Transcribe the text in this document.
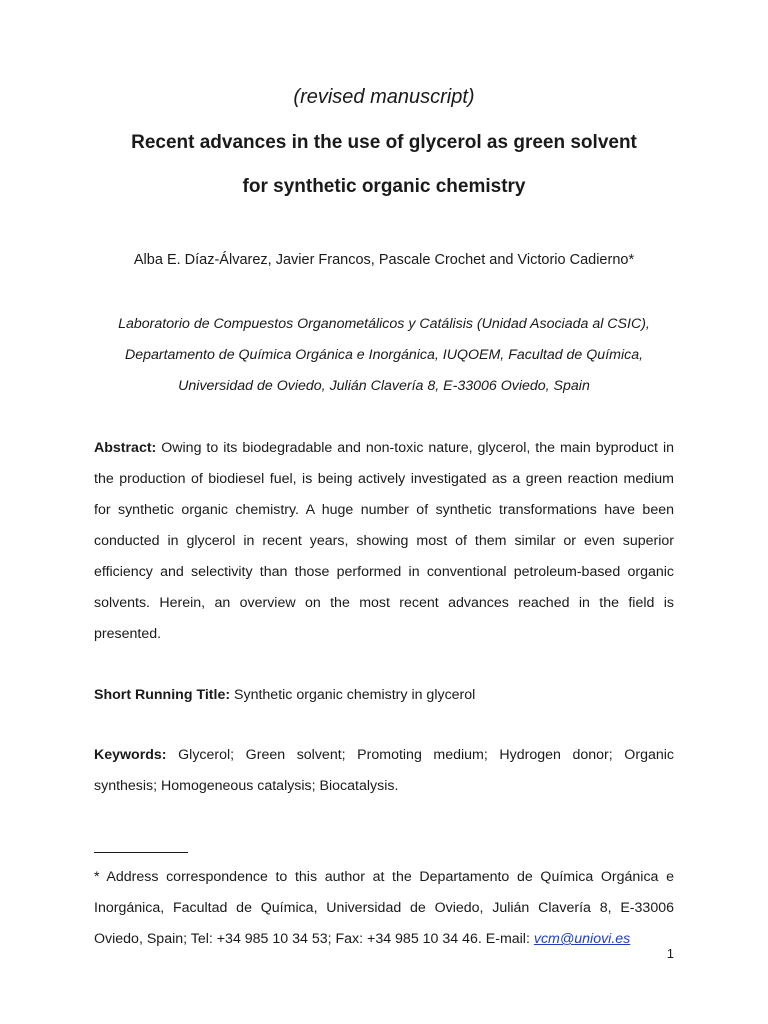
(revised manuscript)
Recent advances in the use of glycerol as green solvent
for synthetic organic chemistry
Alba E. Díaz-Álvarez, Javier Francos, Pascale Crochet and Victorio Cadierno*
Laboratorio de Compuestos Organometálicos y Catálisis (Unidad Asociada al CSIC),
Departamento de Química Orgánica e Inorgánica, IUQOEM, Facultad de Química,
Universidad de Oviedo, Julián Clavería 8, E-33006 Oviedo, Spain
Abstract: Owing to its biodegradable and non-toxic nature, glycerol, the main byproduct in the production of biodiesel fuel, is being actively investigated as a green reaction medium for synthetic organic chemistry. A huge number of synthetic transformations have been conducted in glycerol in recent years, showing most of them similar or even superior efficiency and selectivity than those performed in conventional petroleum-based organic solvents. Herein, an overview on the most recent advances reached in the field is presented.
Short Running Title: Synthetic organic chemistry in glycerol
Keywords: Glycerol; Green solvent; Promoting medium; Hydrogen donor; Organic synthesis; Homogeneous catalysis; Biocatalysis.
* Address correspondence to this author at the Departamento de Química Orgánica e Inorgánica, Facultad de Química, Universidad de Oviedo, Julián Clavería 8, E-33006 Oviedo, Spain; Tel: +34 985 10 34 53; Fax: +34 985 10 34 46. E-mail: vcm@uniovi.es
1
